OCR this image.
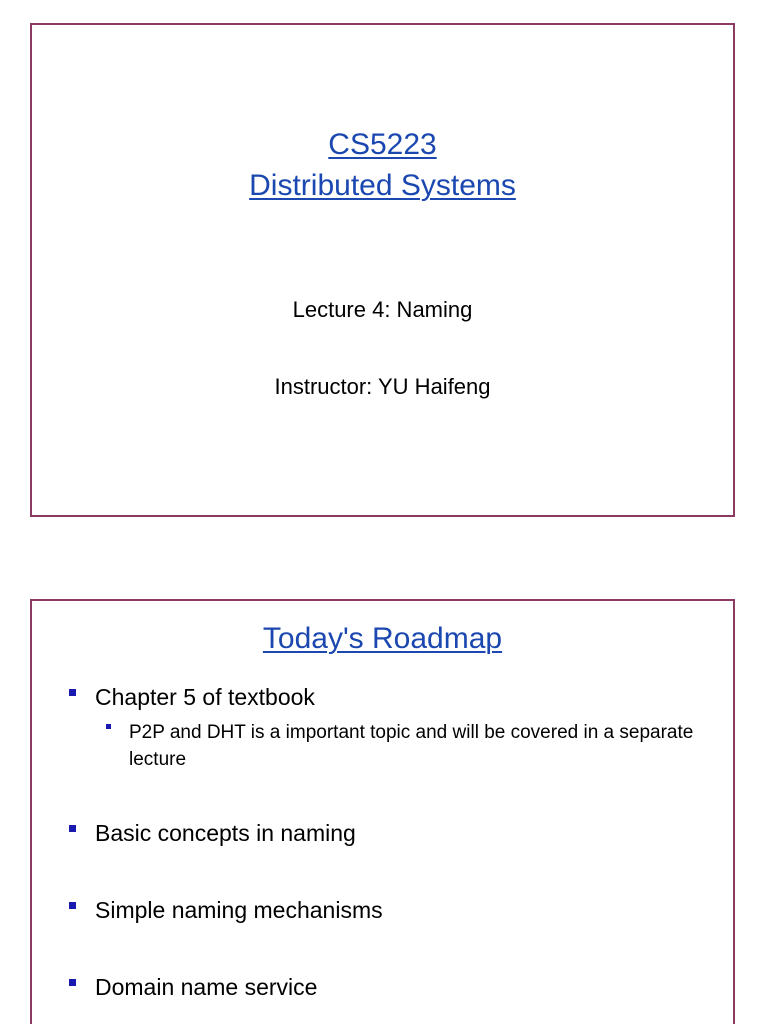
CS5223
Distributed Systems
Lecture 4: Naming
Instructor: YU Haifeng
Today's Roadmap
Chapter 5 of textbook
P2P and DHT is a important topic and will be covered in a separate lecture
Basic concepts in naming
Simple naming mechanisms
Domain name service
